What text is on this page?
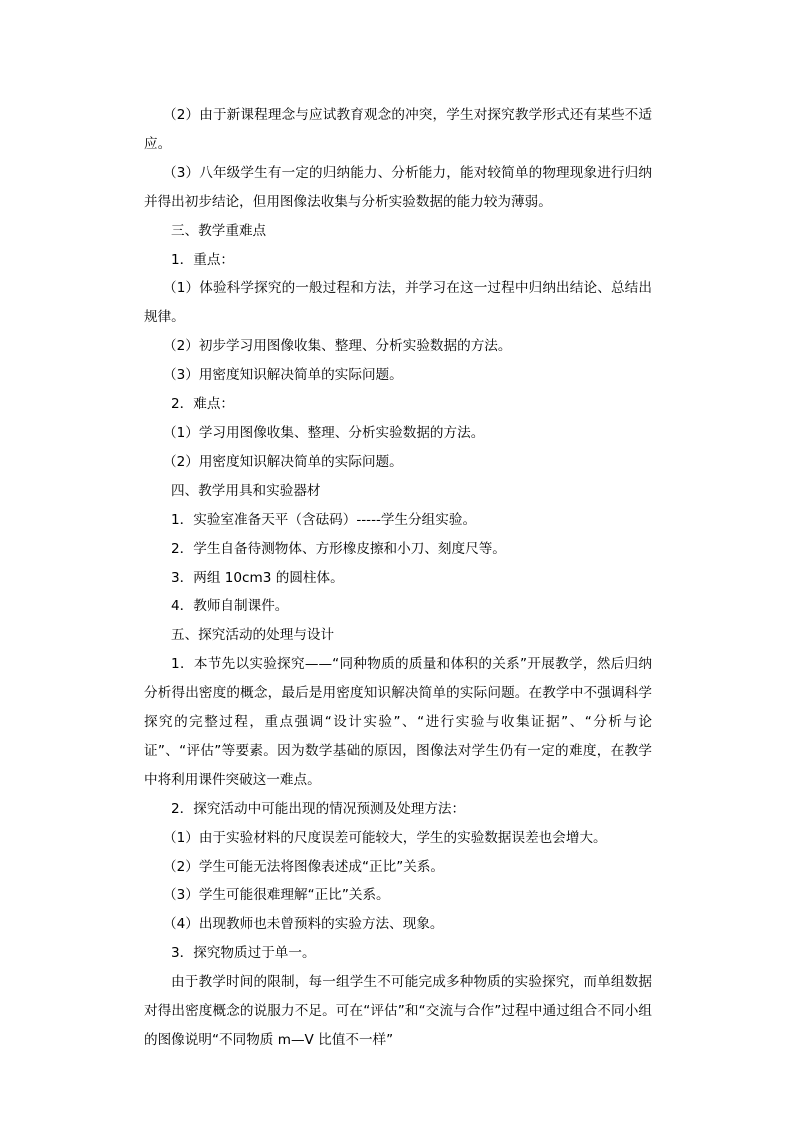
（2）由于新课程理念与应试教育观念的冲突，学生对探究教学形式还有某些不适应。

（3）八年级学生有一定的归纳能力、分析能力，能对较简单的物理现象进行归纳并得出初步结论，但用图像法收集与分析实验数据的能力较为薄弱。

三、教学重难点

1．重点：

（1）体验科学探究的一般过程和方法，并学习在这一过程中归纳出结论、总结出规律。

（2）初步学习用图像收集、整理、分析实验数据的方法。

（3）用密度知识解决简单的实际问题。

2．难点：

（1）学习用图像收集、整理、分析实验数据的方法。

（2）用密度知识解决简单的实际问题。

四、教学用具和实验器材

1．实验室准备天平（含砝码）-----学生分组实验。

2．学生自备待测物体、方形橡皮擦和小刀、刻度尺等。

3．两组 10cm3 的圆柱体。

4．教师自制课件。

五、探究活动的处理与设计

1．本节先以实验探究——“同种物质的质量和体积的关系”开展教学，然后归纳分析得出密度的概念，最后是用密度知识解决简单的实际问题。在教学中不强调科学探究的完整过程，重点强调“设计实验”、“进行实验与收集证据”、“分析与论证”、“评估”等要素。因为数学基础的原因，图像法对学生仍有一定的难度，在教学中将利用课件突破这一难点。

2．探究活动中可能出现的情况预测及处理方法：

（1）由于实验材料的尺度误差可能较大，学生的实验数据误差也会增大。

（2）学生可能无法将图像表述成“正比”关系。

（3）学生可能很难理解“正比”关系。

（4）出现教师也未曾预料的实验方法、现象。

3．探究物质过于单一。

由于教学时间的限制，每一组学生不可能完成多种物质的实验探究，而单组数据对得出密度概念的说服力不足。可在“评估”和“交流与合作”过程中通过组合不同小组的图像说明“不同物质 m—V 比值不一样”
